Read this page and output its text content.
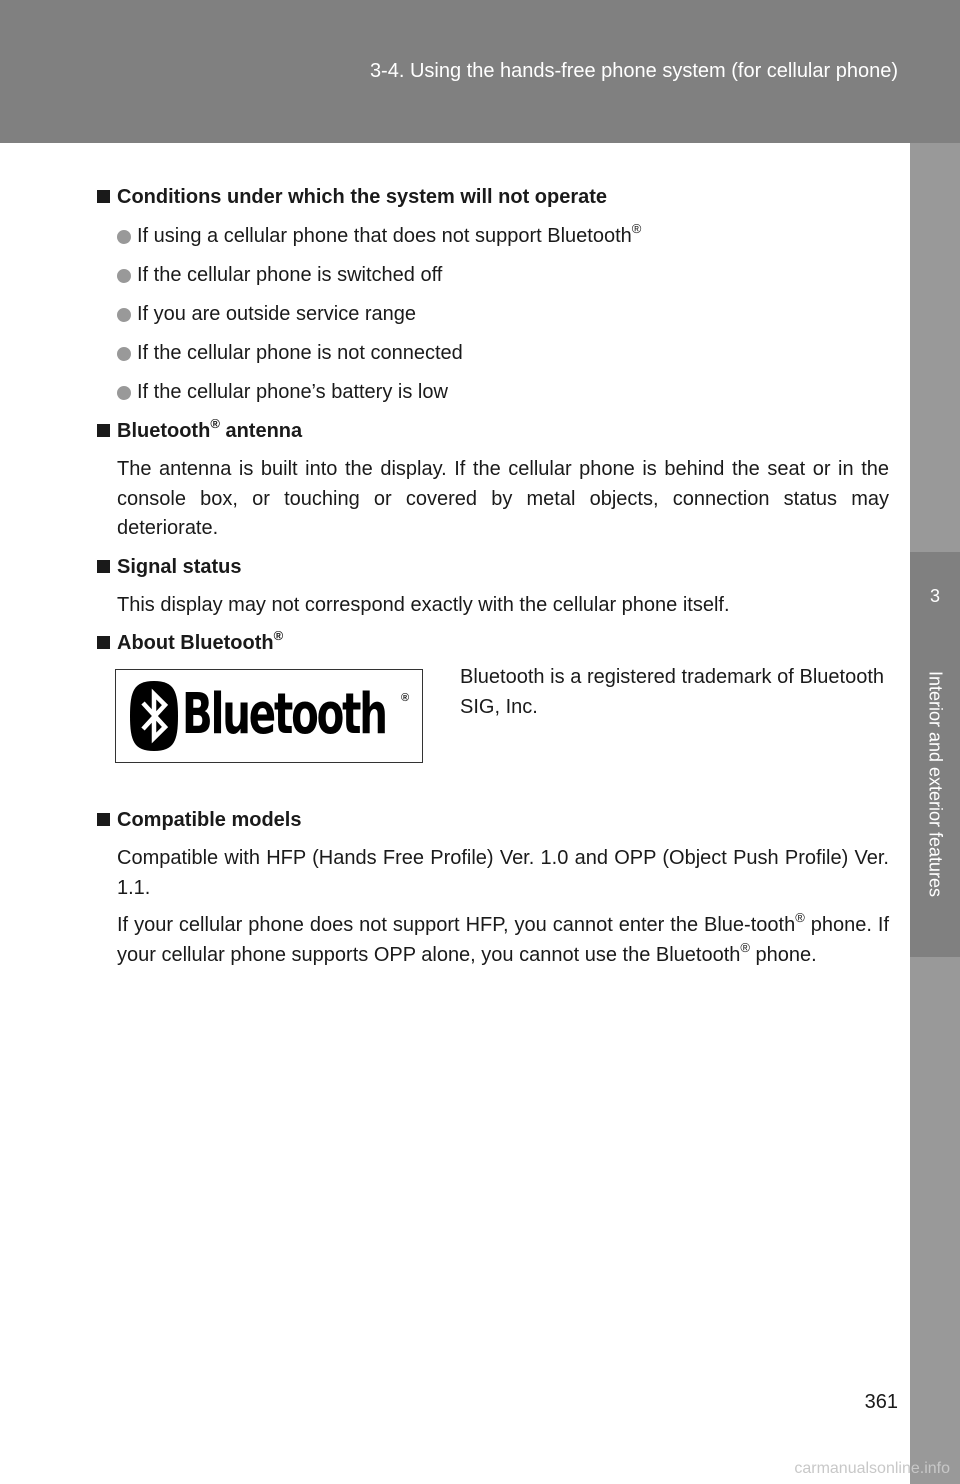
3-4. Using the hands-free phone system (for cellular phone)
3
Interior and exterior features
Conditions under which the system will not operate
If using a cellular phone that does not support Bluetooth®
If the cellular phone is switched off
If you are outside service range
If the cellular phone is not connected
If the cellular phone’s battery is low
Bluetooth® antenna
The antenna is built into the display. If the cellular phone is behind the seat or in the console box, or touching or covered by metal objects, connection status may deteriorate.
Signal status
This display may not correspond exactly with the cellular phone itself.
About Bluetooth®
Bluetooth ®
Bluetooth is a registered trademark of Bluetooth SIG, Inc.
Compatible models
Compatible with HFP (Hands Free Profile) Ver. 1.0 and OPP (Object Push Profile) Ver. 1.1.
If your cellular phone does not support HFP, you cannot enter the Blue-tooth® phone. If your cellular phone supports OPP alone, you cannot use the Bluetooth® phone.
361
carmanualsonline.info
